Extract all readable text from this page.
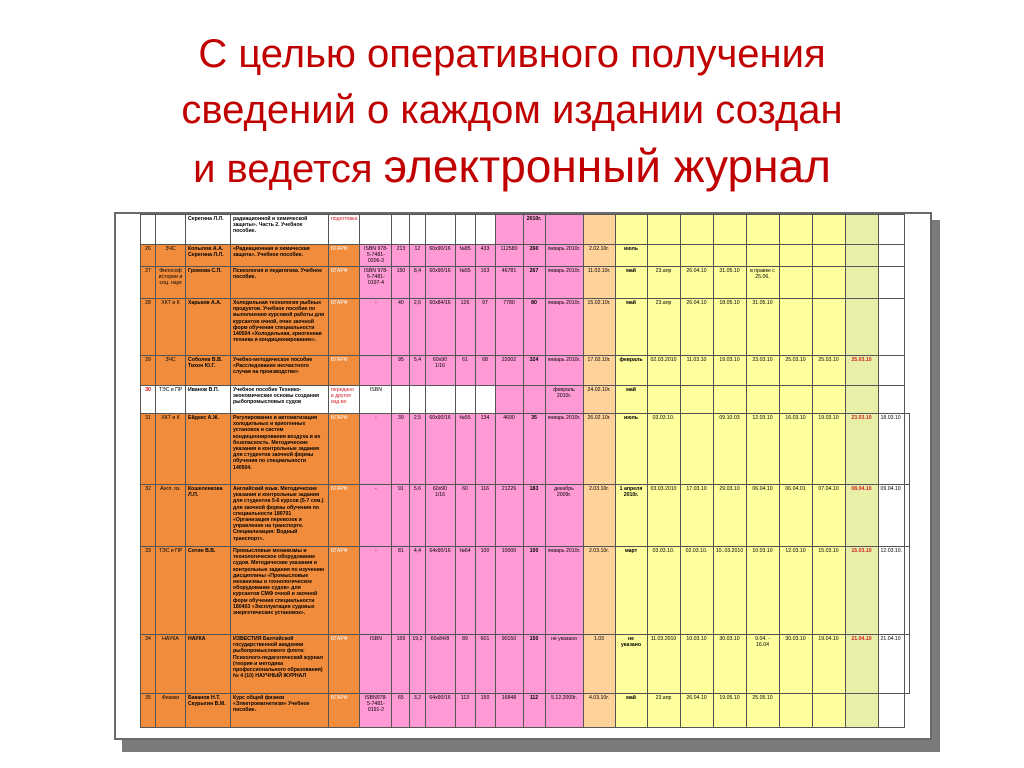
С целью оперативного получения
сведений о каждом издании создан
и ведется электронный журнал
		Серегина Л.Л.	радиационной и химической защиты». Часть 2. Учебное пособие.	подготовка								2010г.												
26	ЗЧС	Копылов А.А. Серегина Л.Л.	«Радиационная и химическая защита». Учебное пособие.	БГАРФ	ISBN 978-5-7481-0206-3	213	12	60х90/16	№85	433	112580	260	январь 2010г.	2.02.10г.	июль									
27	Философ истории и соц. наук	Громова С.П.	Психология и педагогика. Учебное пособие.	БГАРФ	ISBN 978-5-7481-0197-4	150	8,4	60х90/16	№55	163	46781	267	январь 2010г.	11.02.10г.	май	23.апр	26.04.10	31.05.10	в правке с 25.06.					
28	ХКТ и К	Харьков А.А.	Холодильная технология рыбных продуктов. Учебное пособие по выполнению курсовой работы для курсантов очной, очно заочной форм обучения специальности 140504 «Холодильная, криогенная техника и кондиционирование».	БГАРФ	-	40	2,6	60х84/16	126	97	7780	80	январь 2010г.	15.02.10г.	май	23.апр	26.04.10	18.05.10	31.05.10					
29	ЗЧС	Соболев В.В. Тихон Ю.Г.	Учебно-методическое пособие «Расследование несчастного случая на производстве»	БГАРФ		95	5,4	60х90 1/16	61	68	22002	324	январь 2010г.	17.02.10г.	февраль	02.03.2010	11.03.10	19.03.10	23.03.10	25.03.10	25.03.10	25.03.10		
30	ТЭС и ПР	Иванов В.П.	Учебное пособие Технико-экономические основы создания рыбопромысловых судов	передано в другое изд-во	ISBN								февраль 2010г.	24.02.10г.	май									
31	ХКТ и К	Ейдекс А.Ж.	Регулирование и автоматизация холодильных и криогенных установок и систем кондиционирования воздуха и их безопасность. Методические указания и контрольные задания для студентов заочной формы обучения по специальности 140504.	БГАРФ	-	39	2,5	60х90/16	№55	134	4690	35	январь 2010г.	26.02.10г.	июль	03.03.10.		09.10.03	12.03.10	16.03.10	19.03.10	23.03.10	18.03.10	
32	Англ. яз.	Кошеленкова Л.П.	Английский язык. Методические указания и контрольные задания для студентов 5-6 курсов (5-7 сем.) для заочной формы обучения по специальности 180701 «Организация перевозок и управление на транспорте. Специализация: Водный транспорт».	БГАРФ	-	91	5,6	60х90 1/16	60	116	21226	183	декабрь 2009г.	2.03.10г.	1 апреля 2010г.	03.03.2010	17.03.10	29.03.10	06.04.10	06.04.01	07.04.10	08.04.10	09.04.10	
33	ТЭС и ПР	Сотин В.В.	Промысловые механизмы и технологическое оборудование судов. Методические указания и контрольные задания по изучению дисциплины «Промысловые механизмы и технологическое оборудование судов» для курсантов СМФ очной и заочной форм обучения специальности 180403 «Эксплуатация судовых энергетических установок».	БГАРФ	-	81	4,4	64х90/16	№64	100	10000	100	январь 2010г.	2.03.10г.	март	03.03.10.	02.03.10.	10..03.2010	10.03.10	12.03.10	15.03.10	15.03.10	12.03.10.	
34	НАУКА	НАУКА	ИЗВЕСТИЯ Балтийской государственной академии рыбопромыслового флота: Психолого-педагогический журнал (теория и методика профессионального образования) № 4 (10) НАУЧНЫЙ ЖУРНАЛ	БГАРФ	ISBN	169	19,2	60х84/8	89	601	90150	150	не указано	1.03	не указано	11.03.2010	10.03.10	30.03.10	9.04. - 16.04	30.03.10	19.04.10	21.04.10	21.04.10	
35	Физики	Баканов Н.Т. Скурыгин В.М.	Курс общей физики «Электромагнетизм» Учебное пособие.	БГАРФ	ISBN978-5-7481-0191-2	65	3,2	64х90/16	113	150	16848	112	5.12.2009г.	4.03.10г.	май	23.апр	26.04.10	19.05.10	25.05.10					
